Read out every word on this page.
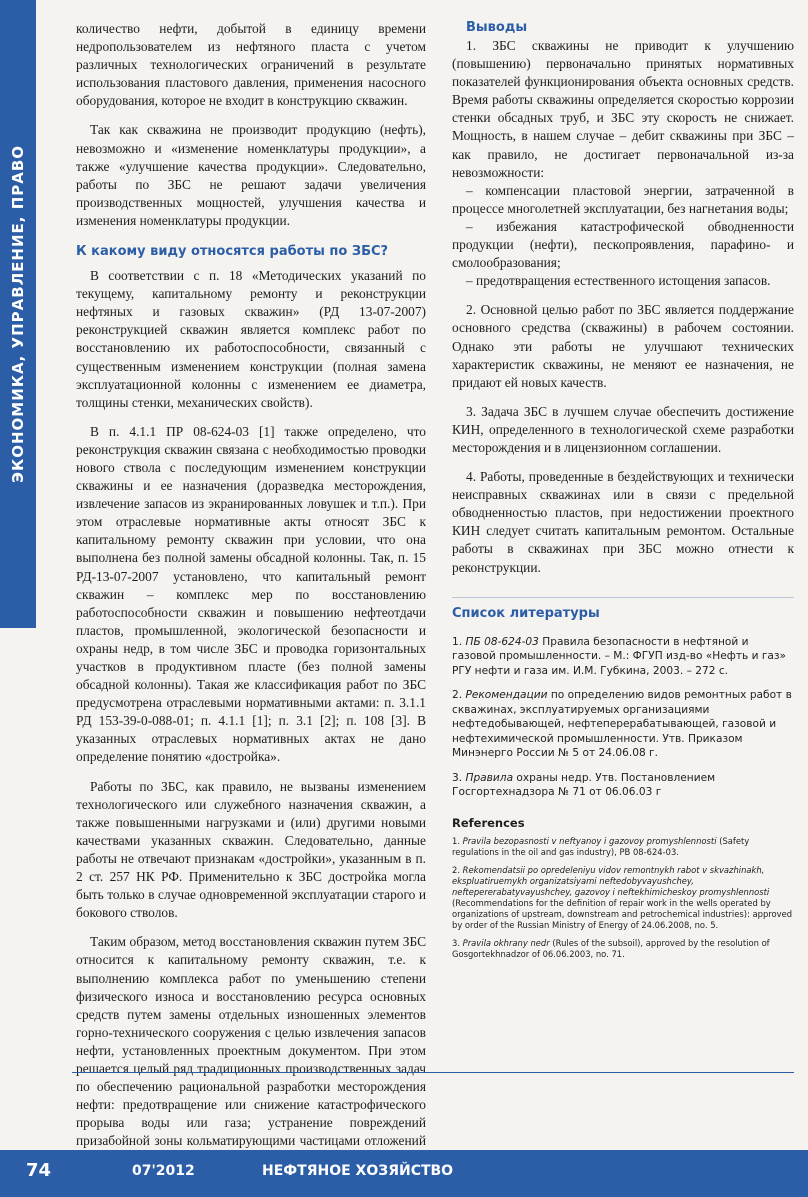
ЭКОНОМИКА, УПРАВЛЕНИЕ, ПРАВО

количество нефти, добытой в единицу времени недропользователем из нефтяного пласта с учетом различных технологических ограничений в результате использования пластового давления, применения насосного оборудования, которое не входит в конструкцию скважин.

Так как скважина не производит продукцию (нефть), невозможно и «изменение номенклатуры продукции», а также «улучшение качества продукции». Следовательно, работы по ЗБС не решают задачи увеличения производственных мощностей, улучшения качества и изменения номенклатуры продукции.

К какому виду относятся работы по ЗБС?

В соответствии с п. 18 «Методических указаний по текущему, капитальному ремонту и реконструкции нефтяных и газовых скважин» (РД 13-07-2007) реконструкцией скважин является комплекс работ по восстановлению их работоспособности, связанный с существенным изменением конструкции (полная замена эксплуатационной колонны с изменением ее диаметра, толщины стенки, механических свойств).

В п. 4.1.1 ПР 08-624-03 [1] также определено, что реконструкция скважин связана с необходимостью проводки нового ствола с последующим изменением конструкции скважины и ее назначения (доразведка месторождения, извлечение запасов из экранированных ловушек и т.п.). При этом отраслевые нормативные акты относят ЗБС к капитальному ремонту скважин при условии, что она выполнена без полной замены обсадной колонны. Так, п. 15 РД-13-07-2007 установлено, что капитальный ремонт скважин – комплекс мер по восстановлению работоспособности скважин и повышению нефтеотдачи пластов, промышленной, экологической безопасности и охраны недр, в том числе ЗБС и проводка горизонтальных участков в продуктивном пласте (без полной замены обсадной колонны). Такая же классификация работ по ЗБС предусмотрена отраслевыми нормативными актами: п. 3.1.1 РД 153-39-0-088-01; п. 4.1.1 [1]; п. 3.1 [2]; п. 108 [3]. В указанных отраслевых нормативных актах не дано определение понятию «достройка».

Работы по ЗБС, как правило, не вызваны изменением технологического или служебного назначения скважин, а также повышенными нагрузками и (или) другими новыми качествами указанных скважин. Следовательно, данные работы не отвечают признакам «достройки», указанным в п. 2 ст. 257 НК РФ. Применительно к ЗБС достройка могла быть только в случае одновременной эксплуатации старого и бокового стволов.

Таким образом, метод восстановления скважин путем ЗБС относится к капитальному ремонту скважин, т.е. к выполнению комплекса работ по уменьшению степени физического износа и восстановлению ресурса основных средств путем замены отдельных изношенных элементов горно-технического сооружения с целью извлечения запасов нефти, установленных проектным документом. При этом решается целый ряд традиционных производственных задач по обеспечению рациональной разработки месторождения нефти: предотвращение или снижение катастрофического прорыва воды или газа; устранение повреждений призабойной зоны кольматирующими частицами отложений

Выводы

1. ЗБС скважины не приводит к улучшению (повышению) первоначально принятых нормативных показателей функционирования объекта основных средств. Время работы скважины определяется скоростью коррозии стенки обсадных труб, и ЗБС эту скорость не снижает. Мощность, в нашем случае – дебит скважины при ЗБС – как правило, не достигает первоначальной из-за невозможности:

– компенсации пластовой энергии, затраченной в процессе многолетней эксплуатации, без нагнетания воды;

– избежания катастрофической обводненности продукции (нефти), пескопроявления, парафино- и смолообразования;

– предотвращения естественного истощения запасов.

2. Основной целью работ по ЗБС является поддержание основного средства (скважины) в рабочем состоянии. Однако эти работы не улучшают технических характеристик скважины, не меняют ее назначения, не придают ей новых качеств.

3. Задача ЗБС в лучшем случае обеспечить достижение КИН, определенного в технологической схеме разработки месторождения и в лицензионном соглашении.

4. Работы, проведенные в бездействующих и технически неисправных скважинах или в связи с предельной обводненностью пластов, при недостижении проектного КИН следует считать капитальным ремонтом. Остальные работы в скважинах при ЗБС можно отнести к реконструкции.

Список литературы

1. ПБ 08-624-03 Правила безопасности в нефтяной и газовой промышленности. – М.: ФГУП изд-во «Нефть и газ» РГУ нефти и газа им. И.М. Губкина, 2003. – 272 с.

2. Рекомендации по определению видов ремонтных работ в скважинах, эксплуатируемых организациями нефтедобывающей, нефтеперерабатывающей, газовой и нефтехимической промышленности. Утв. Приказом Минэнерго России № 5 от 24.06.08 г.

3. Правила охраны недр. Утв. Постановлением Госгортехнадзора № 71 от 06.06.03 г

References

1. Pravila bezopasnosti v neftyanoy i gazovoy promyshlennosti (Safety regulations in the oil and gas industry), PB 08-624-03.

2. Rekomendatsii po opredeleniyu vidov remontnykh rabot v skvazhinakh, ekspluatiruemykh organizatsiyami neftedobyvayushchey, neftepererabatyvayushchey, gazovoy i neftekhimicheskoy promyshlennosti (Recommendations for the definition of repair work in the wells operated by organizations of upstream, downstream and petrochemical industries): approved by order of the Russian Ministry of Energy of 24.06.2008, no. 5.

3. Pravila okhrany nedr (Rules of the subsoil), approved by the resolution of Gosgortekhnadzor of 06.06.2003, no. 71.

74	07'2012	НЕФТЯНОЕ ХОЗЯЙСТВО
